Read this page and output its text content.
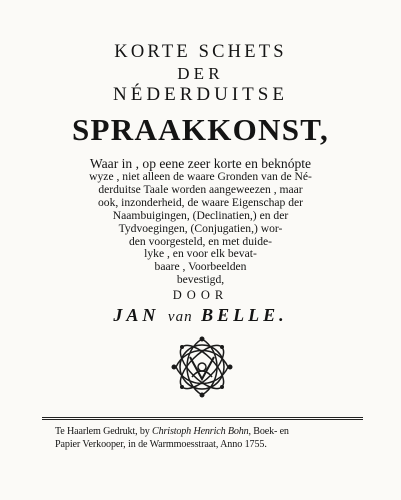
KORTE SCHETS
DER
NÉDERDUITSE
SPRAAKKONST,
Waar in , op eene zeer korte en beknópte
wyze , niet alleen de waare Gronden van de Né-
derduitse Taale worden aangeweezen , maar
ook, inzonderheid, de waare Eigenschap der
Naambuigingen, (Declinatien,) en der
Tydvoegingen, (Conjugatien,) wor-
den voorgesteld, en met duide-
lyke , en voor elk bevat-
baare , Voorbeelden
bevestigd,
DOOR
JAN van BELLE.
Te Haarlem Gedrukt, by Christoph Henrich Bohn, Boek- en
Papier Verkooper, in de Warmmoesstraat, Anno 1755.
